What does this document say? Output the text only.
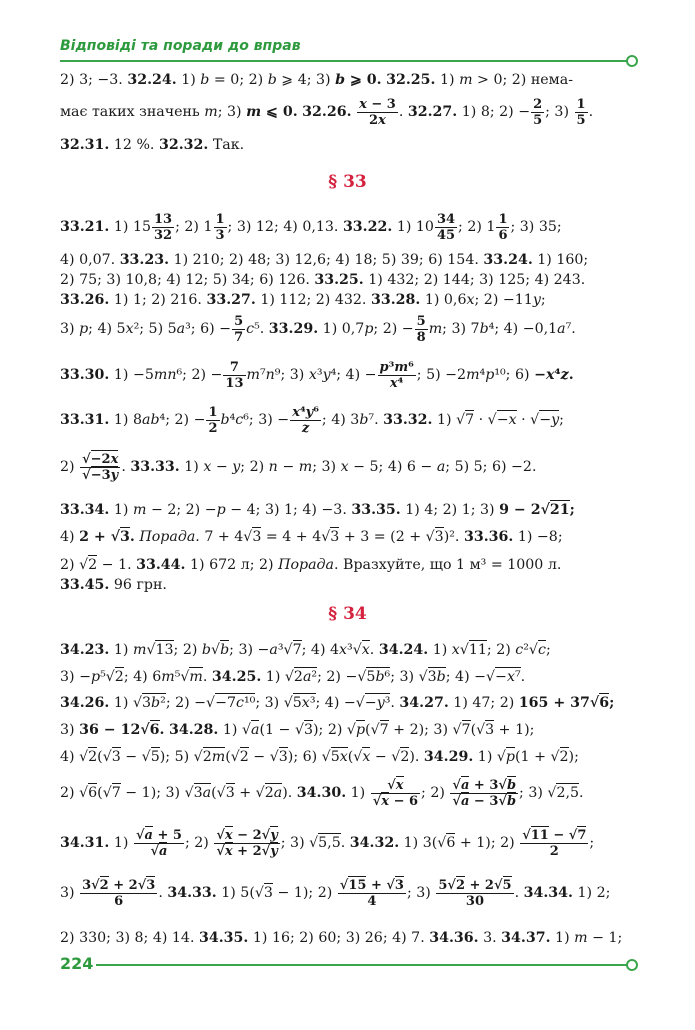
Відповіді та поради до вправ
2) 3; −3. 32.24. 1) b = 0; 2) b ⩾ 4; 3) b ⩾ 0. 32.25. 1) m > 0; 2) нема-
має таких значень m; 3) m ⩽ 0. 32.26. $\frac{x - 3}{2x}$ . 32.27. 1) 8; $2) - \frac{2}{5}$ ; $3) \frac{1}{5}$ .
32.31. 12 %. 32.32. Так.
§ 33
33.21. 1) $15 \frac{13}{32}$ ; 2) $1 \frac{1}{3}$ ; 3) 12; 4) 0,13. 33.22. 1) $10 \frac{34}{45}$ ; 2) $1 \frac{1}{6}$ ; 3) 35;
4) 0,07. 33.23. 1) 210; 2) 48; 3) 12,6; 4) 18; 5) 39; 6) 154. 33.24. 1) 160;
2) 75; 3) 10,8; 4) 12; 5) 34; 6) 126. 33.25. 1) 432; 2) 144; 3) 125; 4) 243.
33.26. 1) 1; 2) 216. 33.27. 1) 112; 2) 432. 33.28. 1) 0,6x; 2) −11y;
3) p; 4) 5x²; 5) 5a³; $6) - \frac{5}{7} c^5$. 33.29. 1) 0,7p; $2) - \frac{5}{8} m$; 3) 7b⁴; 4) −0,1a⁷.
33.30. 1) −5mn⁶; $2) - \frac{7}{13} m^7n^9$; 3) x³y⁴; $4) - \frac{\text{p³m⁶}}{\text{x⁴}}$ ; 5) −2m⁴p¹⁰; 6) −x⁴z.
33.31. 1) 8ab⁴; $2) - \frac{1}{2} b^4c^6$; $3) - \frac{\text{x⁴y⁶}}{z}$ ; 4) 3b⁷. 33.32. 1) √7 · √−x · √−y;
$2) \frac{√-2x}{√-3y}$ . 33.33. 1) x − y; 2) n − m; 3) x − 5; 4) 6 − a; 5) 5; 6) −2.
33.34. 1) m − 2; 2) −p − 4; 3) 1; 4) −3. 33.35. 1) 4; 2) 1; 3) 9 − 2√21;
4) 2 + √3. Порада. 7 + 4√3 = 4 + 4√3 + 3 = (2 + √3)². 33.36. 1) −8;
2) √2 − 1. 33.44. 1) 672 л; 2) Порада. Вразхуйте, що 1 м³ = 1000 л.
33.45. 96 грн.
§ 34
34.23. 1) m√13; 2) b√b; 3) −a³√7; 4) 4x³√x. 34.24. 1) x√11; 2) c²√c;
3) −p⁵√2; 4) 6m⁵√m. 34.25. 1) √2a²; 2) −√5b⁶; 3) √3b; 4) −√−x⁷.
34.26. 1) √3b²; 2) −√−7c¹⁰; 3) √5x³; 4) −√−y³. 34.27. 1) 47; 2) 165 + 37√6;
3) 36 − 12√6. 34.28. 1) √a(1 − √3); 2) √p(√7 + 2); 3) √7(√3 + 1);
4) √2(√3 − √5); 5) √2m(√2 − √3); 6) √5x(√x − √2). 34.29. 1) √p(1 + √2);
2) √6(√7 − 1); 3) √3a(√3 + √2a). 34.30. $1) \frac{√x}{√x - 6}$ ; $2) \frac{√a + 3√b}{√a - 3√b}$ ; 3) √2,5.
34.31. $1) \frac{√a + 5}{√a}$ ; $2) \frac{√x - 2√y}{√x + 2√y}$ ; 3) √5,5. 34.32. 1) 3(√6 + 1); $2) \frac{√11 - √7}{2}$ ;
$3) \frac{3√2 + 2√3}{6}$ . 34.33. 1) 5(√3 − 1); $2) \frac{√15 + √3}{4}$ ; $3) \frac{5√2 + 2√5}{30}$ . 34.34. 1) 2;
2) 330; 3) 8; 4) 14. 34.35. 1) 16; 2) 60; 3) 26; 4) 7. 34.36. 3. 34.37. 1) m − 1;
224
